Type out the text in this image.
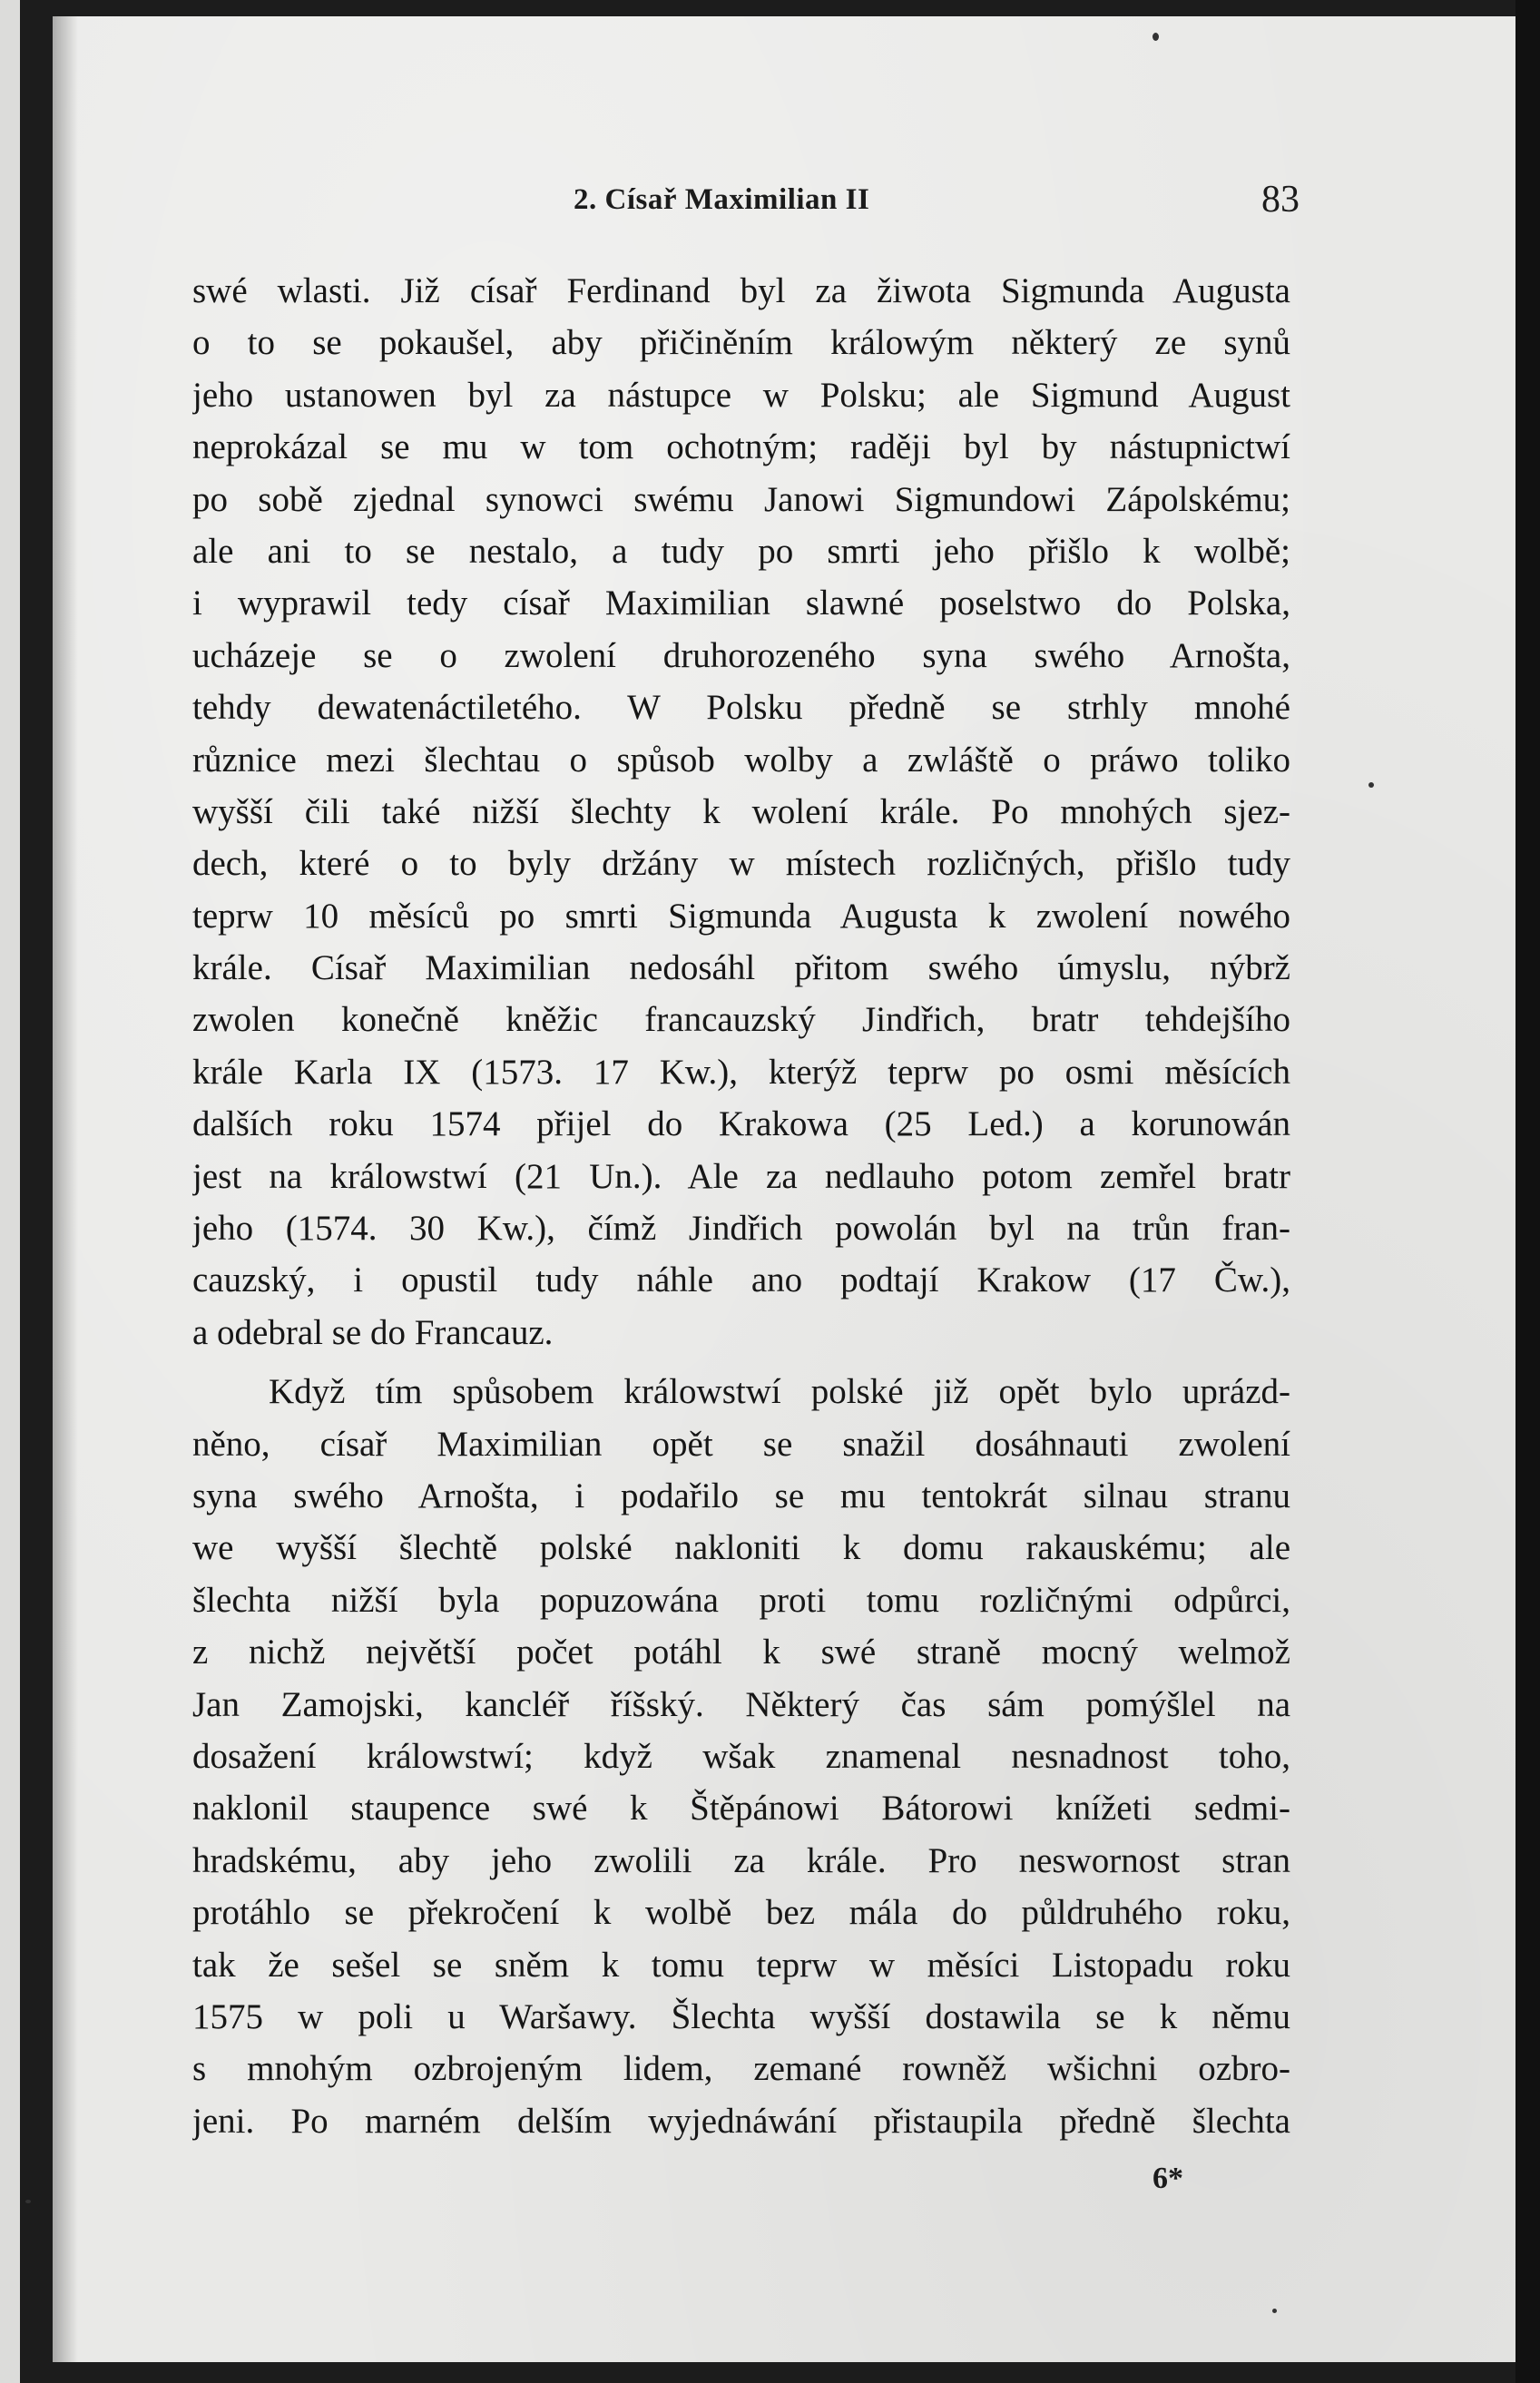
2. Císař Maximilian II	83
swé wlasti. Již císař Ferdinand byl za žiwota Sigmunda Augusta
o to se pokaušel, aby přičiněním králowým některý ze synů
jeho ustanowen byl za nástupce w Polsku; ale Sigmund August
neprokázal se mu w tom ochotným; raději byl by nástupnictwí
po sobě zjednal synowci swému Janowi Sigmundowi Zápolskému;
ale ani to se nestalo, a tudy po smrti jeho přišlo k wolbě;
i wyprawil tedy císař Maximilian slawné poselstwo do Polska,
ucházeje se o zwolení druhorozeného syna swého Arnošta,
tehdy dewatenáctiletého. W Polsku předně se strhly mnohé
různice mezi šlechtau o spůsob wolby a zwláště o práwo toliko
wyšší čili také nižší šlechty k wolení krále. Po mnohých sjez-
dech, které o to byly držány w místech rozličných, přišlo tudy
teprw 10 měsíců po smrti Sigmunda Augusta k zwolení nowého
krále. Císař Maximilian nedosáhl přitom swého úmyslu, nýbrž
zwolen konečně kněžic francauzský Jindřich, bratr tehdejšího
krále Karla IX (1573. 17 Kw.), kterýž teprw po osmi měsících
dalších roku 1574 přijel do Krakowa (25 Led.) a korunowán
jest na králowstwí (21 Un.). Ale za nedlauho potom zemřel bratr
jeho (1574. 30 Kw.), čímž Jindřich powolán byl na trůn fran-
cauzský, i opustil tudy náhle ano podtají Krakow (17 Čw.),
a odebral se do Francauz.
Když tím spůsobem králowstwí polské již opět bylo uprázd-
něno, císař Maximilian opět se snažil dosáhnauti zwolení
syna swého Arnošta, i podařilo se mu tentokrát silnau stranu
we wyšší šlechtě polské nakloniti k domu rakauskému; ale
šlechta nižší byla popuzowána proti tomu rozličnými odpůrci,
z nichž největší počet potáhl k swé straně mocný welmož
Jan Zamojski, kancléř říšský. Některý čas sám pomýšlel na
dosažení králowstwí; když wšak znamenal nesnadnost toho,
naklonil staupence swé k Štěpánowi Bátorowi knížeti sedmi-
hradskému, aby jeho zwolili za krále. Pro neswornost stran
protáhlo se překročení k wolbě bez mála do půldruhého roku,
tak že sešel se sněm k tomu teprw w měsíci Listopadu roku
1575 w poli u Waršawy. Šlechta wyšší dostawila se k němu
s mnohým ozbrojeným lidem, zemané rowněž wšichni ozbro-
jeni. Po marném delším wyjednáwání přistaupila předně šlechta
6*
